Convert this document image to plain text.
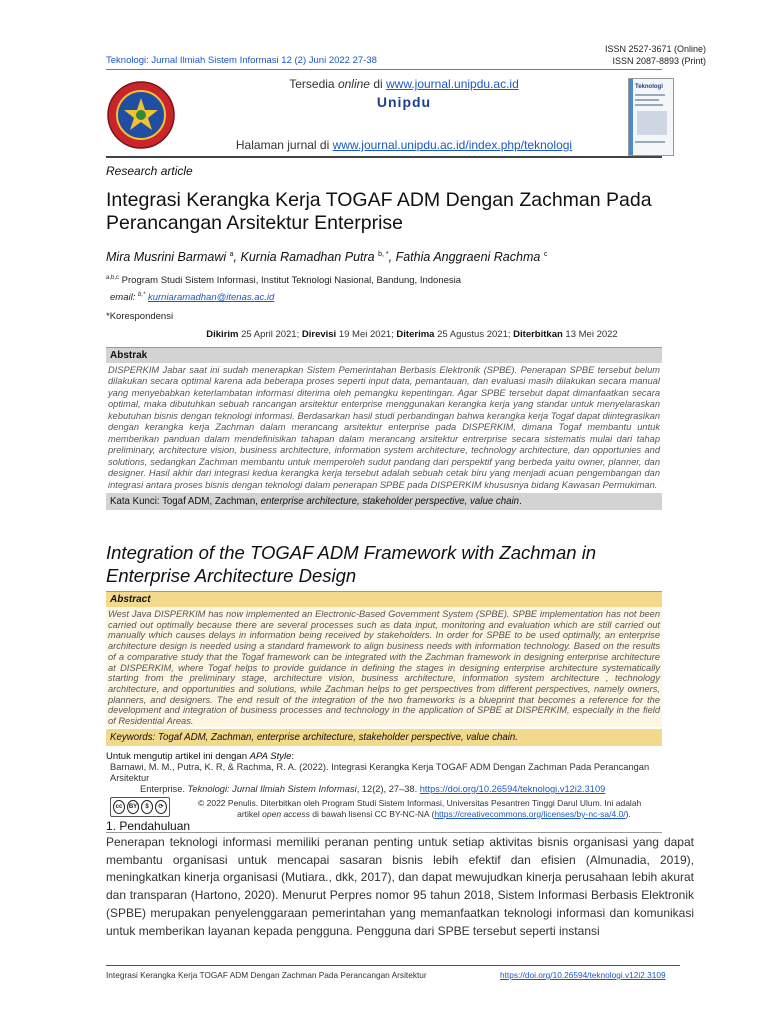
ISSN 2527-3671 (Online)
ISSN 2087-8893 (Print)
Teknologi: Jurnal Ilmiah Sistem Informasi 12 (2) Juni 2022 27-38
Tersedia online di www.journal.unipdu.ac.id
Unipdu
Halaman jurnal di www.journal.unipdu.ac.id/index.php/teknologi
Teknologi
Research article
Integrasi Kerangka Kerja TOGAF ADM Dengan Zachman Pada Perancangan Arsitektur Enterprise
Mira Musrini Barmawi $^a$, Kurnia Ramadhan Putra $^{b, *}$, Fathia Anggraeni Rachma $^c$
$^{a,b,c}$ Program Studi Sistem Informasi, Institut Teknologi Nasional, Bandung, Indonesia
email: $^{b,*}$ kurniaramadhan@itenas.ac.id
*Korespondensi
Dikirim 25 April 2021; Direvisi 19 Mei 2021; Diterima 25 Agustus 2021; Diterbitkan 13 Mei 2022
Abstrak
DISPERKIM Jabar saat ini sudah menerapkan Sistem Pemerintahan Berbasis Elektronik (SPBE). Penerapan SPBE tersebut belum dilakukan secara optimal karena ada beberapa proses seperti input data, pemantauan, dan evaluasi masih dilakukan secara manual yang menyebabkan keterlambatan informasi diterima oleh pemangku kepentingan. Agar SPBE tersebut dapat dimanfaatkan secara optimal, maka dibutuhkan sebuah rancangan arsitektur enterprise menggunakan kerangka kerja yang standar untuk menyelaraskan kebutuhan bisnis dengan teknologi informasi. Berdasarkan hasil studi perbandingan bahwa kerangka kerja Togaf dapat diintegrasikan dengan kerangka kerja Zachman dalam merancang arsitektur enterprise pada DISPERKIM, dimana Togaf membantu untuk memberikan panduan dalam mendefinisikan tahapan dalam merancang arsitektur entrerprise secara sistematis mulai dari tahap preliminary, architecture vision, business architecture, information system architecture, technology architecture, dan opportunies and solutions, sedangkan Zachman membantu untuk memperoleh sudut pandang dari perspektif yang berbeda yaitu owner, planner, dan designer. Hasil akhir dari integrasi kedua kerangka kerja tersebut adalah sebuah cetak biru yang menjadi acuan pengembangan dan integrasi antara proses bisnis dengan teknologi dalam penerapan SPBE pada DISPERKIM khususnya bidang Kawasan Permukiman.
Kata Kunci: Togaf ADM, Zachman, enterprise architecture, stakeholder perspective, value chain.
Integration of the TOGAF ADM Framework with Zachman in Enterprise Architecture Design
Abstract
West Java DISPERKIM has now implemented an Electronic-Based Government System (SPBE). SPBE implementation has not been carried out optimally because there are several processes such as data input, monitoring and evaluation which are still carried out manually which causes delays in information being received by stakeholders. In order for SPBE to be used optimally, an enterprise architecture design is needed using a standard framework to align business needs with information technology. Based on the results of a comparative study that the Togaf framework can be integrated with the Zachman framework in designing enterprise architecture at DISPERKIM, where Togaf helps to provide guidance in defining the stages in designing enterprise architecture systematically starting from the preliminary stage, architecture vision, business architecture, information system architecture , technology architecture, and opportunities and solutions, while Zachman helps to get perspectives from different perspectives, namely owners, planners, and designers. The end result of the integration of the two frameworks is a blueprint that becomes a reference for the development and integration of business processes and technology in the application of SPBE at DISPERKIM, especially in the field of Residential Areas.
Keywords: Togaf ADM, Zachman, enterprise architecture, stakeholder perspective, value chain.
Untuk mengutip artikel ini dengan APA Style:
Barnawi, M. M., Putra, K. R, & Rachma, R. A. (2022). Integrasi Kerangka Kerja TOGAF ADM Dengan Zachman Pada Perancangan Arsitektur
Enterprise. Teknologi: Jurnal Ilmiah Sistem Informasi, 12(2), 27–38. https://doi.org/10.26594/teknologi.v12i2.3109
cc	BY	$	⟳	© 2022 Penulis. Diterbitkan oleh Program Studi Sistem Informasi, Universitas Pesantren Tinggi Darul Ulum. Ini adalah
artikel open access di bawah lisensi CC BY-NC-NA (https://creativecommons.org/licenses/by-nc-sa/4.0/).
1. Pendahuluan
Penerapan teknologi informasi memiliki peranan penting untuk setiap aktivitas bisnis organisasi yang dapat membantu organisasi untuk mencapai sasaran bisnis lebih efektif dan efisien (Almunadia, 2019), meningkatkan kinerja organisasi (Mutiara., dkk, 2017), dan dapat mewujudkan kinerja perusahaan lebih akurat dan transparan (Hartono, 2020). Menurut Perpres nomor 95 tahun 2018, Sistem Informasi Berbasis Elektronik (SPBE) merupakan penyelenggaraan pemerintahan yang memanfaatkan teknologi informasi dan komunikasi untuk memberikan layanan kepada pengguna. Pengguna dari SPBE tersebut seperti instansi
Integrasi Kerangka Kerja TOGAF ADM Dengan Zachman Pada Perancangan Arsitektur	https://doi.org/10.26594/teknologi.v12i2.3109
